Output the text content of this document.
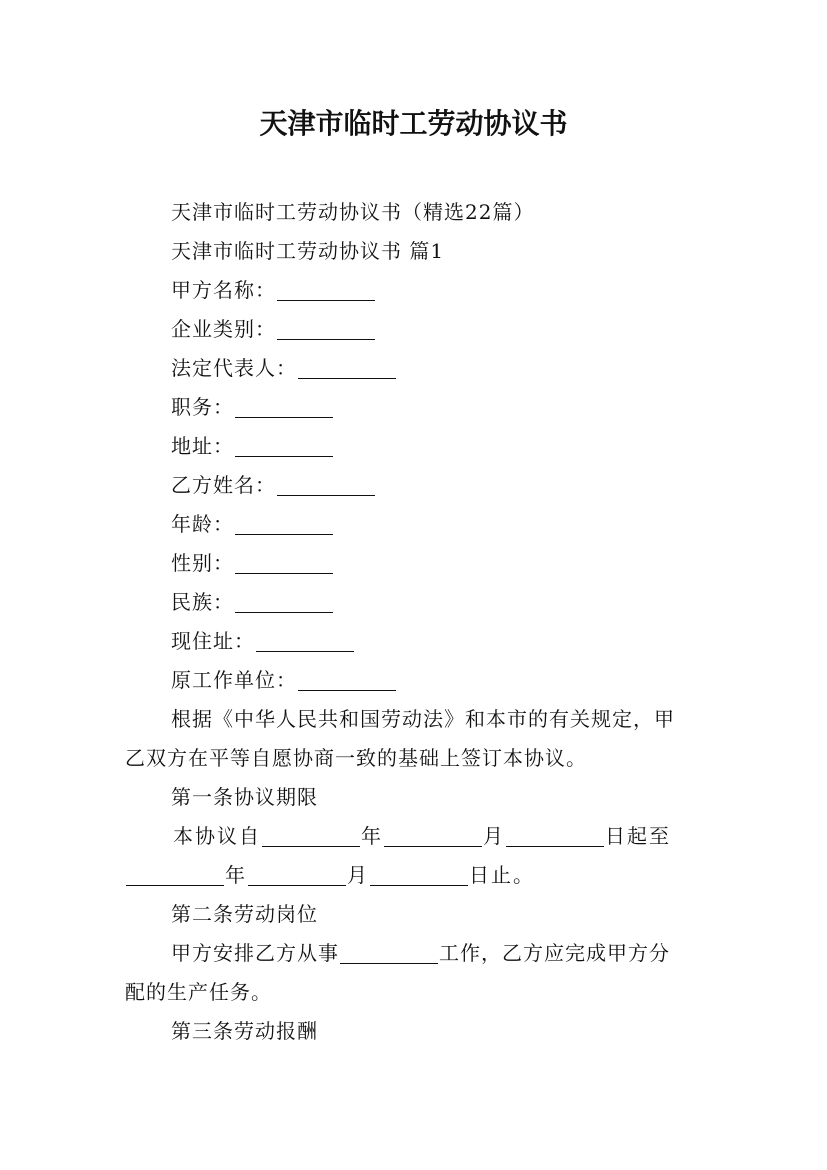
天津市临时工劳动协议书
天津市临时工劳动协议书（精选22篇）
天津市临时工劳动协议书 篇1
甲方名称：
企业类别：
法定代表人：
职务：
地址：
乙方姓名：
年龄：
性别：
民族：
现住址：
原工作单位：
根据《中华人民共和国劳动法》和本市的有关规定，甲
乙双方在平等自愿协商一致的基础上签订本协议。
第一条协议期限
本协议自	年	月	日起至
年	月	日止。
第二条劳动岗位
甲方安排乙方从事	工作，乙方应完成甲方分
配的生产任务。
第三条劳动报酬
